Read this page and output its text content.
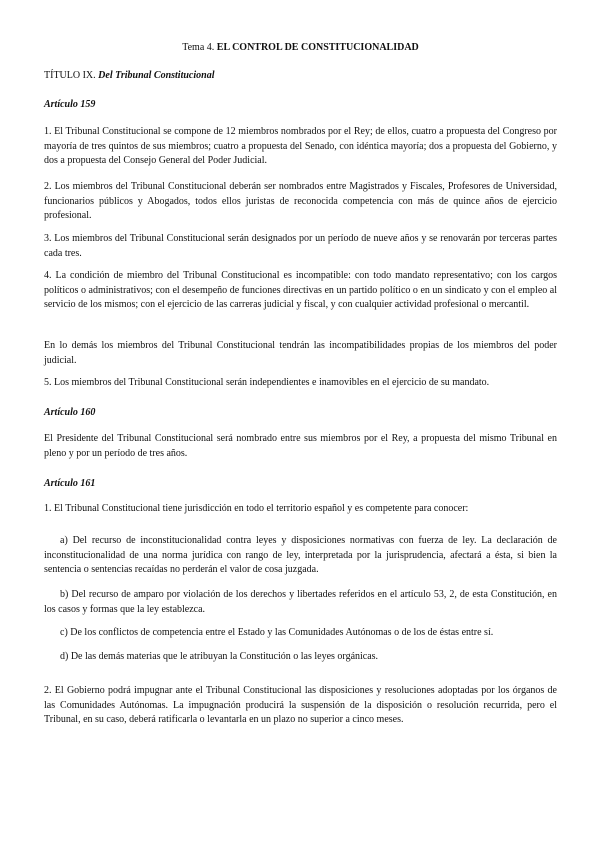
Tema 4. EL CONTROL DE CONSTITUCIONALIDAD
TÍTULO IX. Del Tribunal Constitucional
Artículo 159
1. El Tribunal Constitucional se compone de 12 miembros nombrados por el Rey; de ellos, cuatro a propuesta del Congreso por mayoría de tres quintos de sus miembros; cuatro a propuesta del Senado, con idéntica mayoría; dos a propuesta del Gobierno, y dos a propuesta del Consejo General del Poder Judicial.
2. Los miembros del Tribunal Constitucional deberán ser nombrados entre Magistrados y Fiscales, Profesores de Universidad, funcionarios públicos y Abogados, todos ellos juristas de reconocida competencia con más de quince años de ejercicio profesional.
3. Los miembros del Tribunal Constitucional serán designados por un período de nueve años y se renovarán por terceras partes cada tres.
4. La condición de miembro del Tribunal Constitucional es incompatible: con todo mandato representativo; con los cargos políticos o administrativos; con el desempeño de funciones directivas en un partido político o en un sindicato y con el empleo al servicio de los mismos; con el ejercicio de las carreras judicial y fiscal, y con cualquier actividad profesional o mercantil.
En lo demás los miembros del Tribunal Constitucional tendrán las incompatibilidades propias de los miembros del poder judicial.
5. Los miembros del Tribunal Constitucional serán independientes e inamovibles en el ejercicio de su mandato.
Artículo 160
El Presidente del Tribunal Constitucional será nombrado entre sus miembros por el Rey, a propuesta del mismo Tribunal en pleno y por un período de tres años.
Artículo 161
1. El Tribunal Constitucional tiene jurisdicción en todo el territorio español y es competente para conocer:
a) Del recurso de inconstitucionalidad contra leyes y disposiciones normativas con fuerza de ley. La declaración de inconstitucionalidad de una norma jurídica con rango de ley, interpretada por la jurisprudencia, afectará a ésta, si bien la sentencia o sentencias recaídas no perderán el valor de cosa juzgada.
b) Del recurso de amparo por violación de los derechos y libertades referidos en el artículo 53, 2, de esta Constitución, en los casos y formas que la ley establezca.
c) De los conflictos de competencia entre el Estado y las Comunidades Autónomas o de los de éstas entre sí.
d) De las demás materias que le atribuyan la Constitución o las leyes orgánicas.
2. El Gobierno podrá impugnar ante el Tribunal Constitucional las disposiciones y resoluciones adoptadas por los órganos de las Comunidades Autónomas. La impugnación producirá la suspensión de la disposición o resolución recurrida, pero el Tribunal, en su caso, deberá ratificarla o levantarla en un plazo no superior a cinco meses.
